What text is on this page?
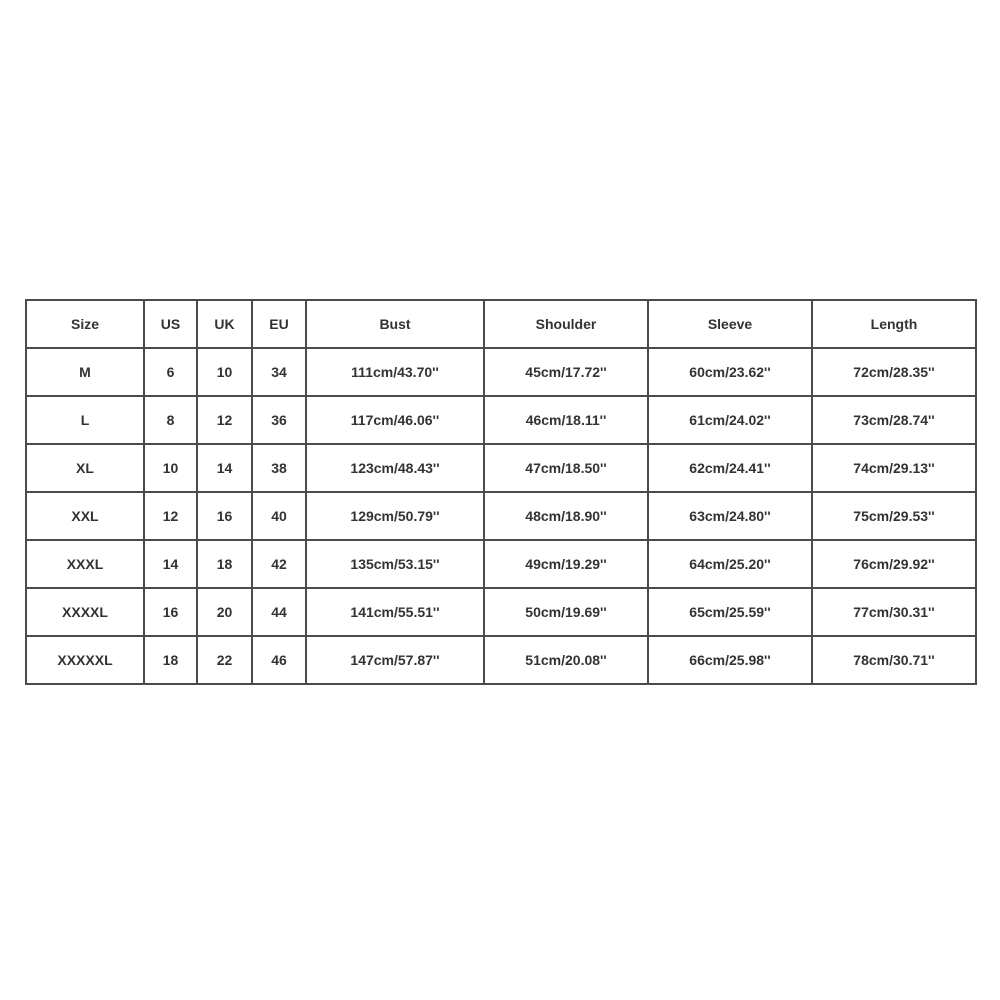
Size	US	UK	EU	Bust	Shoulder	Sleeve	Length
M	6	10	34	111cm/43.70''	45cm/17.72''	60cm/23.62''	72cm/28.35''
L	8	12	36	117cm/46.06''	46cm/18.11''	61cm/24.02''	73cm/28.74''
XL	10	14	38	123cm/48.43''	47cm/18.50''	62cm/24.41''	74cm/29.13''
XXL	12	16	40	129cm/50.79''	48cm/18.90''	63cm/24.80''	75cm/29.53''
XXXL	14	18	42	135cm/53.15''	49cm/19.29''	64cm/25.20''	76cm/29.92''
XXXXL	16	20	44	141cm/55.51''	50cm/19.69''	65cm/25.59''	77cm/30.31''
XXXXXL	18	22	46	147cm/57.87''	51cm/20.08''	66cm/25.98''	78cm/30.71''
